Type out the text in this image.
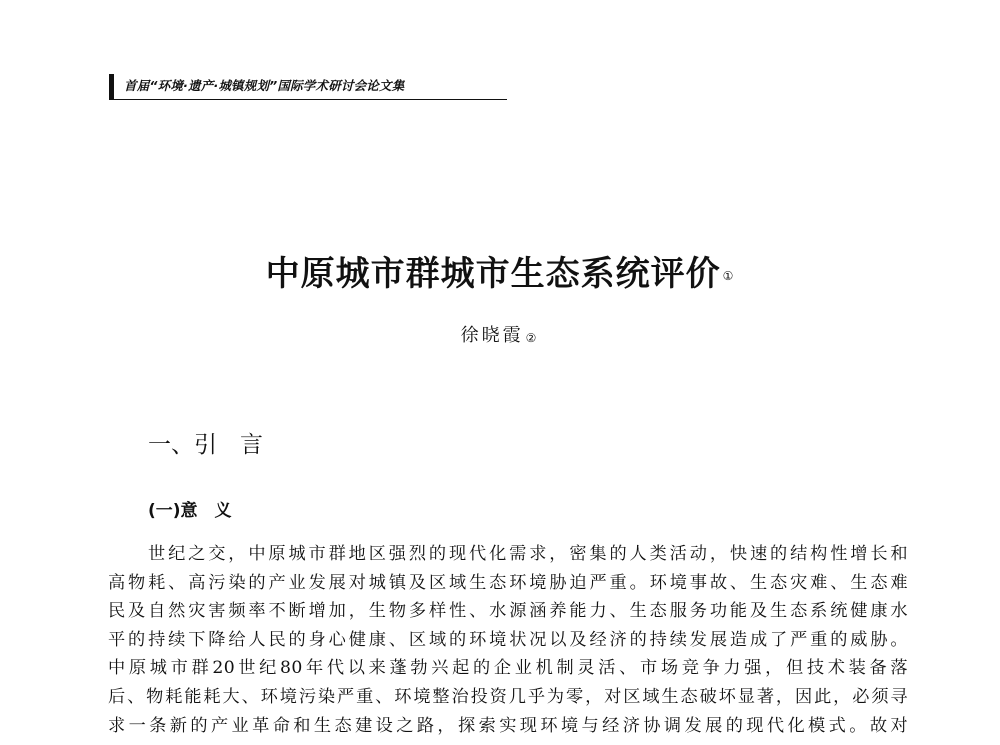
首届“环境·遗产·城镇规划”国际学术研讨会论文集
中原城市群城市生态系统评价 ①
徐晓霞 ②
一、引　言
(一)意　义
世纪之交，中原城市群地区强烈的现代化需求，密集的人类活动，快速的结构性增长和
高物耗、高污染的产业发展对城镇及区域生态环境胁迫严重。环境事故、生态灾难、生态难
民及自然灾害频率不断增加，生物多样性、水源涵养能力、生态服务功能及生态系统健康水
平的持续下降给人民的身心健康、区域的环境状况以及经济的持续发展造成了严重的威胁。
中原城市群20世纪80年代以来蓬勃兴起的企业机制灵活、市场竞争力强，但技术装备落
后、物耗能耗大、环境污染严重、环境整治投资几乎为零，对区域生态破坏显著，因此，必须寻
求一条新的产业革命和生态建设之路，探索实现环境与经济协调发展的现代化模式。故对
